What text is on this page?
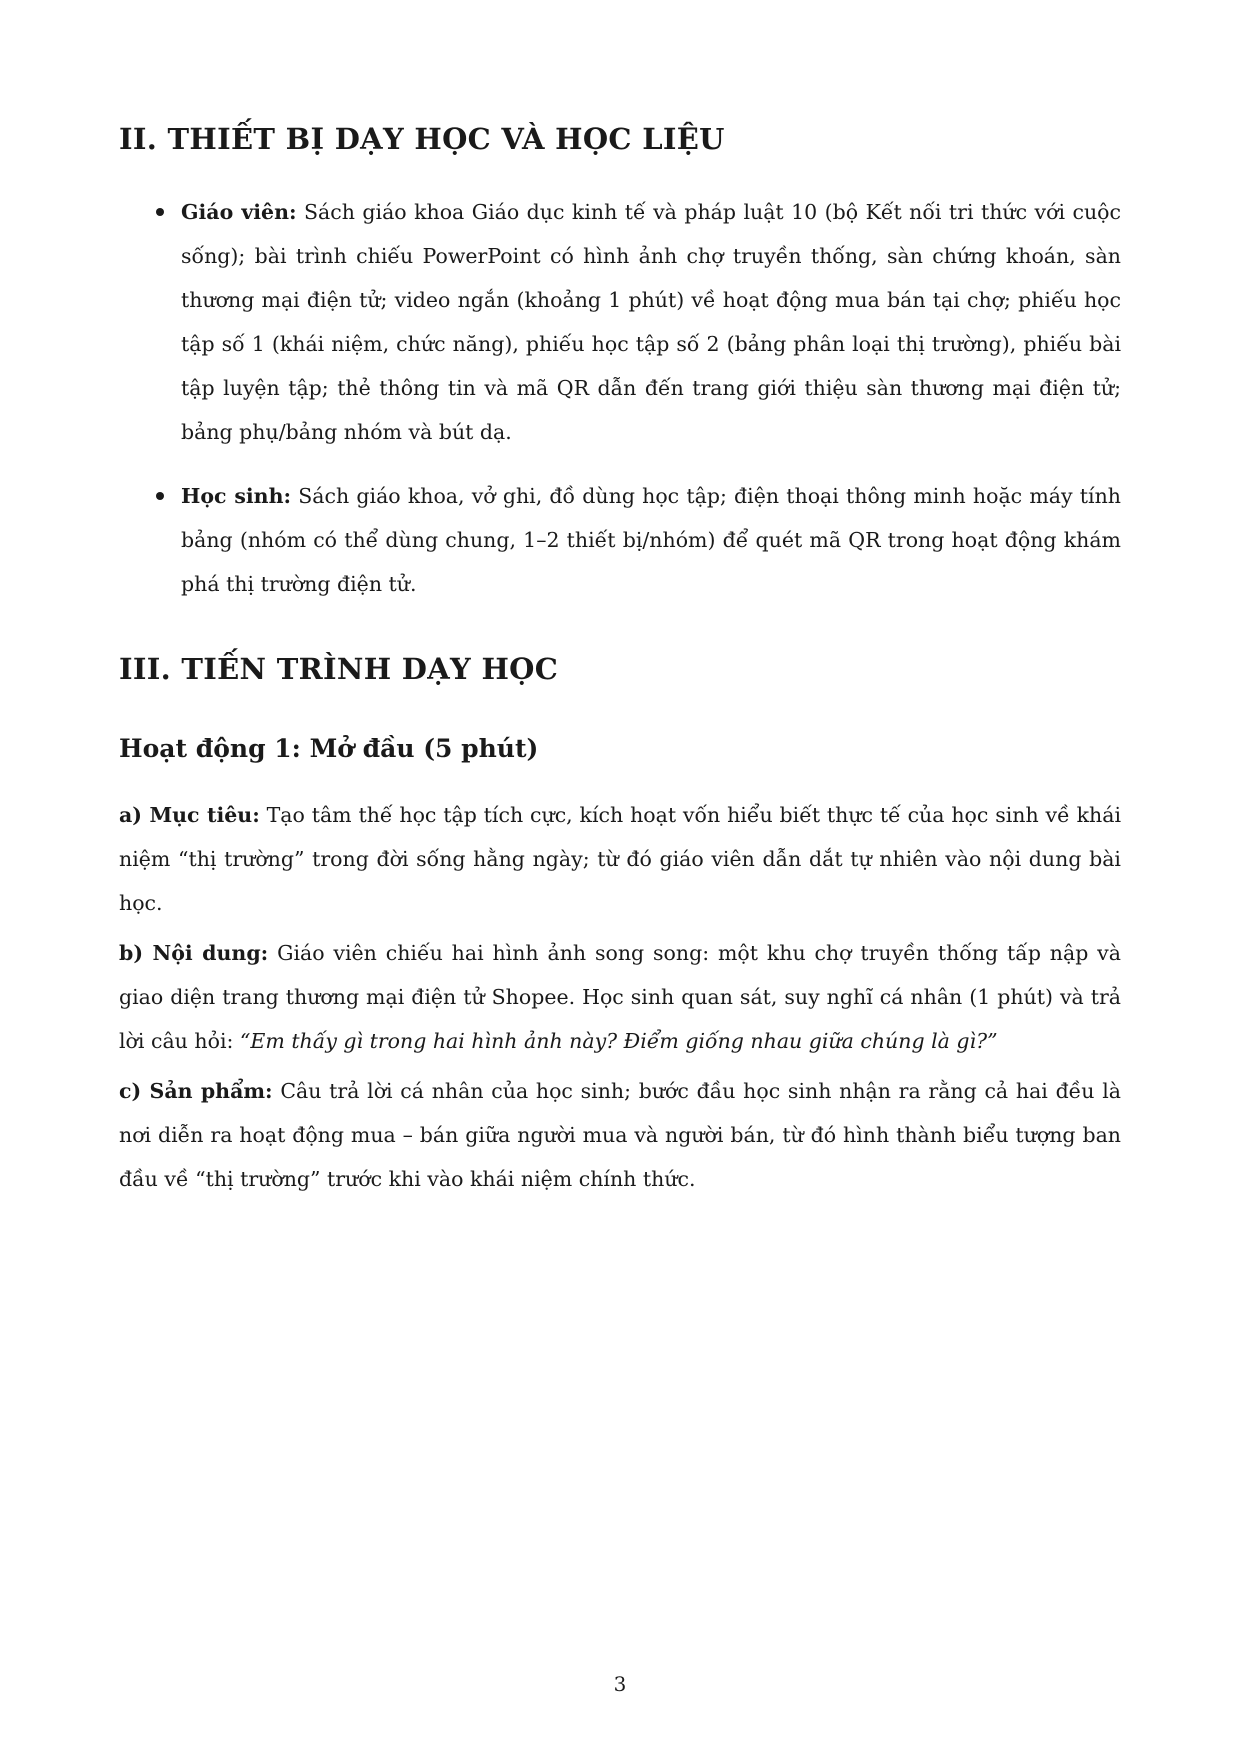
II. THIẾT BỊ DẠY HỌC VÀ HỌC LIỆU
Giáo viên: Sách giáo khoa Giáo dục kinh tế và pháp luật 10 (bộ Kết nối tri thức với cuộc sống); bài trình chiếu PowerPoint có hình ảnh chợ truyền thống, sàn chứng khoán, sàn thương mại điện tử; video ngắn (khoảng 1 phút) về hoạt động mua bán tại chợ; phiếu học tập số 1 (khái niệm, chức năng), phiếu học tập số 2 (bảng phân loại thị trường), phiếu bài tập luyện tập; thẻ thông tin và mã QR dẫn đến trang giới thiệu sàn thương mại điện tử; bảng phụ/bảng nhóm và bút dạ.
Học sinh: Sách giáo khoa, vở ghi, đồ dùng học tập; điện thoại thông minh hoặc máy tính bảng (nhóm có thể dùng chung, 1–2 thiết bị/nhóm) để quét mã QR trong hoạt động khám phá thị trường điện tử.
III. TIẾN TRÌNH DẠY HỌC
Hoạt động 1: Mở đầu (5 phút)

a) Mục tiêu: Tạo tâm thế học tập tích cực, kích hoạt vốn hiểu biết thực tế của học sinh về khái niệm “thị trường” trong đời sống hằng ngày; từ đó giáo viên dẫn dắt tự nhiên vào nội dung bài học.

b) Nội dung: Giáo viên chiếu hai hình ảnh song song: một khu chợ truyền thống tấp nập và giao diện trang thương mại điện tử Shopee. Học sinh quan sát, suy nghĩ cá nhân (1 phút) và trả lời câu hỏi: “Em thấy gì trong hai hình ảnh này? Điểm giống nhau giữa chúng là gì?”

c) Sản phẩm: Câu trả lời cá nhân của học sinh; bước đầu học sinh nhận ra rằng cả hai đều là nơi diễn ra hoạt động mua – bán giữa người mua và người bán, từ đó hình thành biểu tượng ban đầu về “thị trường” trước khi vào khái niệm chính thức.

3
